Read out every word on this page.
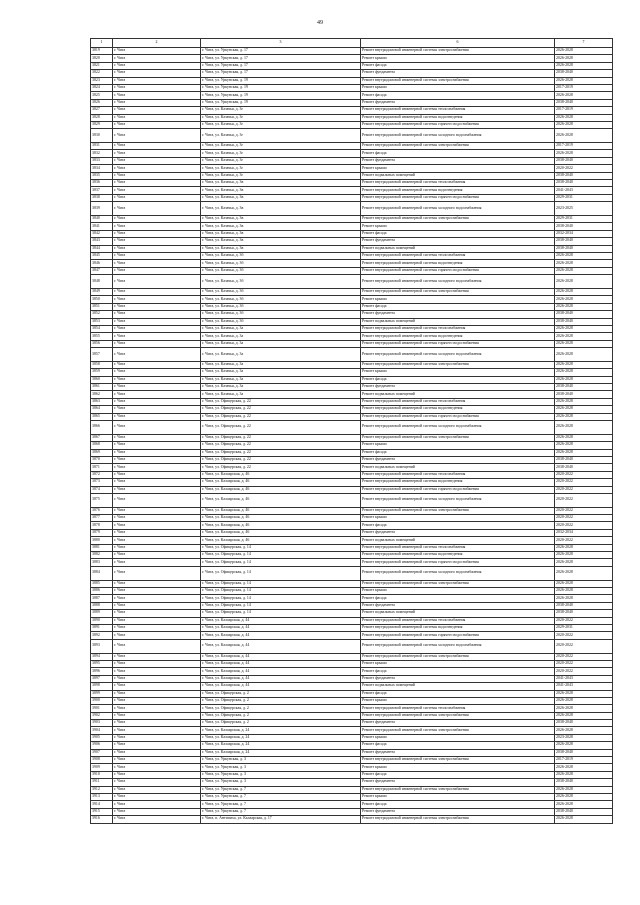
49
1	2	3	6	7
3819	г. Чита	г. Чита, ул. Уркунская, д. 17	Ремонт внутридомовой инженерной системы электроснабжения	2026-2028
3820	г. Чита	г. Чита, ул. Уркунская, д. 17	Ремонт крыши	2026-2028
3821	г. Чита	г. Чита, ул. Уркунская, д. 17	Ремонт фасада	2026-2028
3822	г. Чита	г. Чита, ул. Уркунская, д. 17	Ремонт фундамента	2038-2040
3823	г. Чита	г. Чита, ул. Уркунская, д. 19	Ремонт внутридомовой инженерной системы электроснабжения	2026-2028
3824	г. Чита	г. Чита, ул. Уркунская, д. 19	Ремонт крыши	2017-2019
3825	г. Чита	г. Чита, ул. Уркунская, д. 19	Ремонт фасада	2026-2028
3826	г. Чита	г. Чита, ул. Уркунская, д. 19	Ремонт фундамента	2038-2040
3827	г. Чита	г. Чита, ул. Казачья, д. 3г	Ремонт внутридомовой инженерной системы теплоснабжения	2017-2019
3828	г. Чита	г. Чита, ул. Казачья, д. 3г	Ремонт внутридомовой инженерной системы водоотведения	2026-2028
3829	г. Чита	г. Чита, ул. Казачья, д. 3г	Ремонт внутридомовой инженерной системы горячего водоснабжения	2026-2028
3830	г. Чита	г. Чита, ул. Казачья, д. 3г	Ремонт внутридомовой инженерной системы холодного водоснабжения	2026-2028
3831	г. Чита	г. Чита, ул. Казачья, д. 3г	Ремонт внутридомовой инженерной системы электроснабжения	2017-2019
3832	г. Чита	г. Чита, ул. Казачья, д. 3г	Ремонт фасада	2026-2028
3833	г. Чита	г. Чита, ул. Казачья, д. 3г	Ремонт фундамента	2038-2040
3834	г. Чита	г. Чита, ул. Казачья, д. 3г	Ремонт крыши	2020-2022
3835	г. Чита	г. Чита, ул. Казачья, д. 3г	Ремонт подвальных помещений	2038-2040
3836	г. Чита	г. Чита, ул. Казачья, д. 3в	Ремонт внутридомовой инженерной системы теплоснабжения	2038-2040
3837	г. Чита	г. Чита, ул. Казачья, д. 3в	Ремонт внутридомовой инженерной системы водоотведения	2041-2043
3838	г. Чита	г. Чита, ул. Казачья, д. 3в	Ремонт внутридомовой инженерной системы горячего водоснабжения	2029-2031
3839	г. Чита	г. Чита, ул. Казачья, д. 3в	Ремонт внутридомовой инженерной системы холодного водоснабжения	2023-2025
3840	г. Чита	г. Чита, ул. Казачья, д. 3в	Ремонт внутридомовой инженерной системы электроснабжения	2029-2031
3841	г. Чита	г. Чита, ул. Казачья, д. 3в	Ремонт крыши	2038-2040
3842	г. Чита	г. Чита, ул. Казачья, д. 3в	Ремонт фасада	2032-2034
3843	г. Чита	г. Чита, ул. Казачья, д. 3в	Ремонт фундамента	2038-2040
3844	г. Чита	г. Чита, ул. Казачья, д. 3в	Ремонт подвальных помещений	2038-2040
3845	г. Чита	г. Чита, ул. Казачья, д. 3б	Ремонт внутридомовой инженерной системы теплоснабжения	2026-2028
3846	г. Чита	г. Чита, ул. Казачья, д. 3б	Ремонт внутридомовой инженерной системы водоотведения	2026-2028
3847	г. Чита	г. Чита, ул. Казачья, д. 3б	Ремонт внутридомовой инженерной системы горячего водоснабжения	2026-2028
3848	г. Чита	г. Чита, ул. Казачья, д. 3б	Ремонт внутридомовой инженерной системы холодного водоснабжения	2026-2028
3849	г. Чита	г. Чита, ул. Казачья, д. 3б	Ремонт внутридомовой инженерной системы электроснабжения	2026-2028
3850	г. Чита	г. Чита, ул. Казачья, д. 3б	Ремонт крыши	2026-2028
3851	г. Чита	г. Чита, ул. Казачья, д. 3б	Ремонт фасада	2026-2028
3852	г. Чита	г. Чита, ул. Казачья, д. 3б	Ремонт фундамента	2038-2040
3853	г. Чита	г. Чита, ул. Казачья, д. 3б	Ремонт подвальных помещений	2038-2040
3854	г. Чита	г. Чита, ул. Казачья, д. 3а	Ремонт внутридомовой инженерной системы теплоснабжения	2026-2028
3855	г. Чита	г. Чита, ул. Казачья, д. 3а	Ремонт внутридомовой инженерной системы водоотведения	2026-2028
3856	г. Чита	г. Чита, ул. Казачья, д. 3а	Ремонт внутридомовой инженерной системы горячего водоснабжения	2026-2028
3857	г. Чита	г. Чита, ул. Казачья, д. 3а	Ремонт внутридомовой инженерной системы холодного водоснабжения	2026-2028
3858	г. Чита	г. Чита, ул. Казачья, д. 3а	Ремонт внутридомовой инженерной системы электроснабжения	2026-2028
3859	г. Чита	г. Чита, ул. Казачья, д. 3а	Ремонт крыши	2026-2028
3860	г. Чита	г. Чита, ул. Казачья, д. 3а	Ремонт фасада	2026-2028
3861	г. Чита	г. Чита, ул. Казачья, д. 3а	Ремонт фундамента	2038-2040
3862	г. Чита	г. Чита, ул. Казачья, д. 3а	Ремонт подвальных помещений	2038-2040
3863	г. Чита	г. Чита, ул. Офицерская, д. 22	Ремонт внутридомовой инженерной системы теплоснабжения	2026-2028
3864	г. Чита	г. Чита, ул. Офицерская, д. 22	Ремонт внутридомовой инженерной системы водоотведения	2026-2028
3865	г. Чита	г. Чита, ул. Офицерская, д. 22	Ремонт внутридомовой инженерной системы горячего водоснабжения	2026-2028
3866	г. Чита	г. Чита, ул. Офицерская, д. 22	Ремонт внутридомовой инженерной системы холодного водоснабжения	2026-2028
3867	г. Чита	г. Чита, ул. Офицерская, д. 22	Ремонт внутридомовой инженерной системы электроснабжения	2026-2028
3868	г. Чита	г. Чита, ул. Офицерская, д. 22	Ремонт крыши	2026-2028
3869	г. Чита	г. Чита, ул. Офицерская, д. 22	Ремонт фасада	2026-2028
3870	г. Чита	г. Чита, ул. Офицерская, д. 22	Ремонт фундамента	2038-2040
3871	г. Чита	г. Чита, ул. Офицерская, д. 22	Ремонт подвальных помещений	2038-2040
3872	г. Чита	г. Чита, ул. Калаарская, д. 46	Ремонт внутридомовой инженерной системы теплоснабжения	2020-2022
3873	г. Чита	г. Чита, ул. Калаарская, д. 46	Ремонт внутридомовой инженерной системы водоотведения	2020-2022
3874	г. Чита	г. Чита, ул. Калаарская, д. 46	Ремонт внутридомовой инженерной системы горячего водоснабжения	2020-2022
3875	г. Чита	г. Чита, ул. Калаарская, д. 46	Ремонт внутридомовой инженерной системы холодного водоснабжения	2020-2022
3876	г. Чита	г. Чита, ул. Калаарская, д. 46	Ремонт внутридомовой инженерной системы электроснабжения	2020-2022
3877	г. Чита	г. Чита, ул. Калаарская, д. 46	Ремонт крыши	2020-2022
3878	г. Чита	г. Чита, ул. Калаарская, д. 46	Ремонт фасада	2020-2022
3879	г. Чита	г. Чита, ул. Калаарская, д. 46	Ремонт фундамента	2032-2034
3880	г. Чита	г. Чита, ул. Калаарская, д. 46	Ремонт подвальных помещений	2020-2022
3881	г. Чита	г. Чита, ул. Офицерская, д. 14	Ремонт внутридомовой инженерной системы теплоснабжения	2026-2028
3882	г. Чита	г. Чита, ул. Офицерская, д. 14	Ремонт внутридомовой инженерной системы водоотведения	2026-2028
3883	г. Чита	г. Чита, ул. Офицерская, д. 14	Ремонт внутридомовой инженерной системы горячего водоснабжения	2026-2028
3884	г. Чита	г. Чита, ул. Офицерская, д. 14	Ремонт внутридомовой инженерной системы холодного водоснабжения	2026-2028
3885	г. Чита	г. Чита, ул. Офицерская, д. 14	Ремонт внутридомовой инженерной системы электроснабжения	2026-2028
3886	г. Чита	г. Чита, ул. Офицерская, д. 14	Ремонт крыши	2026-2028
3887	г. Чита	г. Чита, ул. Офицерская, д. 14	Ремонт фасада	2026-2028
3888	г. Чита	г. Чита, ул. Офицерская, д. 14	Ремонт фундамента	2038-2040
3889	г. Чита	г. Чита, ул. Офицерская, д. 14	Ремонт подвальных помещений	2038-2040
3890	г. Чита	г. Чита, ул. Калаарская, д. 44	Ремонт внутридомовой инженерной системы теплоснабжения	2020-2022
3891	г. Чита	г. Чита, ул. Калаарская, д. 44	Ремонт внутридомовой инженерной системы водоотведения	2029-2031
3892	г. Чита	г. Чита, ул. Калаарская, д. 44	Ремонт внутридомовой инженерной системы горячего водоснабжения	2020-2022
3893	г. Чита	г. Чита, ул. Калаарская, д. 44	Ремонт внутридомовой инженерной системы холодного водоснабжения	2020-2022
3894	г. Чита	г. Чита, ул. Калаарская, д. 44	Ремонт внутридомовой инженерной системы электроснабжения	2020-2022
3895	г. Чита	г. Чита, ул. Калаарская, д. 44	Ремонт крыши	2020-2022
3896	г. Чита	г. Чита, ул. Калаарская, д. 44	Ремонт фасада	2020-2022
3897	г. Чита	г. Чита, ул. Калаарская, д. 44	Ремонт фундамента	2041-2043
3898	г. Чита	г. Чита, ул. Калаарская, д. 44	Ремонт подвальных помещений	2041-2043
3899	г. Чита	г. Чита, ул. Офицерская, д. 2	Ремонт фасада	2026-2028
3900	г. Чита	г. Чита, ул. Офицерская, д. 2	Ремонт крыши	2026-2028
3901	г. Чита	г. Чита, ул. Офицерская, д. 2	Ремонт внутридомовой инженерной системы теплоснабжения	2026-2028
3902	г. Чита	г. Чита, ул. Офицерская, д. 2	Ремонт внутридомовой инженерной системы электроснабжения	2026-2028
3903	г. Чита	г. Чита, ул. Офицерская, д. 2	Ремонт фундамента	2038-2040
3904	г. Чита	г. Чита, ул. Калаарская, д. 24	Ремонт внутридомовой инженерной системы электроснабжения	2026-2028
3905	г. Чита	г. Чита, ул. Калаарская, д. 24	Ремонт крыши	2023-2028
3906	г. Чита	г. Чита, ул. Калаарская, д. 24	Ремонт фасада	2026-2028
3907	г. Чита	г. Чита, ул. Калаарская, д. 24	Ремонт фундамента	2038-2040
3908	г. Чита	г. Чита, ул. Уркунская, д. 3	Ремонт внутридомовой инженерной системы электроснабжения	2017-2019
3909	г. Чита	г. Чита, ул. Уркунская, д. 3	Ремонт крыши	2026-2028
3910	г. Чита	г. Чита, ул. Уркунская, д. 3	Ремонт фасада	2026-2028
3911	г. Чита	г. Чита, ул. Уркунская, д. 3	Ремонт фундамента	2038-2040
3912	г. Чита	г. Чита, ул. Уркунская, д. 7	Ремонт внутридомовой инженерной системы электроснабжения	2026-2028
3913	г. Чита	г. Чита, ул. Уркунская, д. 7	Ремонт крыши	2026-2028
3914	г. Чита	г. Чита, ул. Уркунская, д. 7	Ремонт фасада	2026-2028
3915	г. Чита	г. Чита, ул. Уркунская, д. 7	Ремонт фундамента	2038-2040
3916	г. Чита	г. Чита, п. Антипиха, ул. Калаарская, д. 17	Ремонт внутридомовой инженерной системы электроснабжения	2026-2028
